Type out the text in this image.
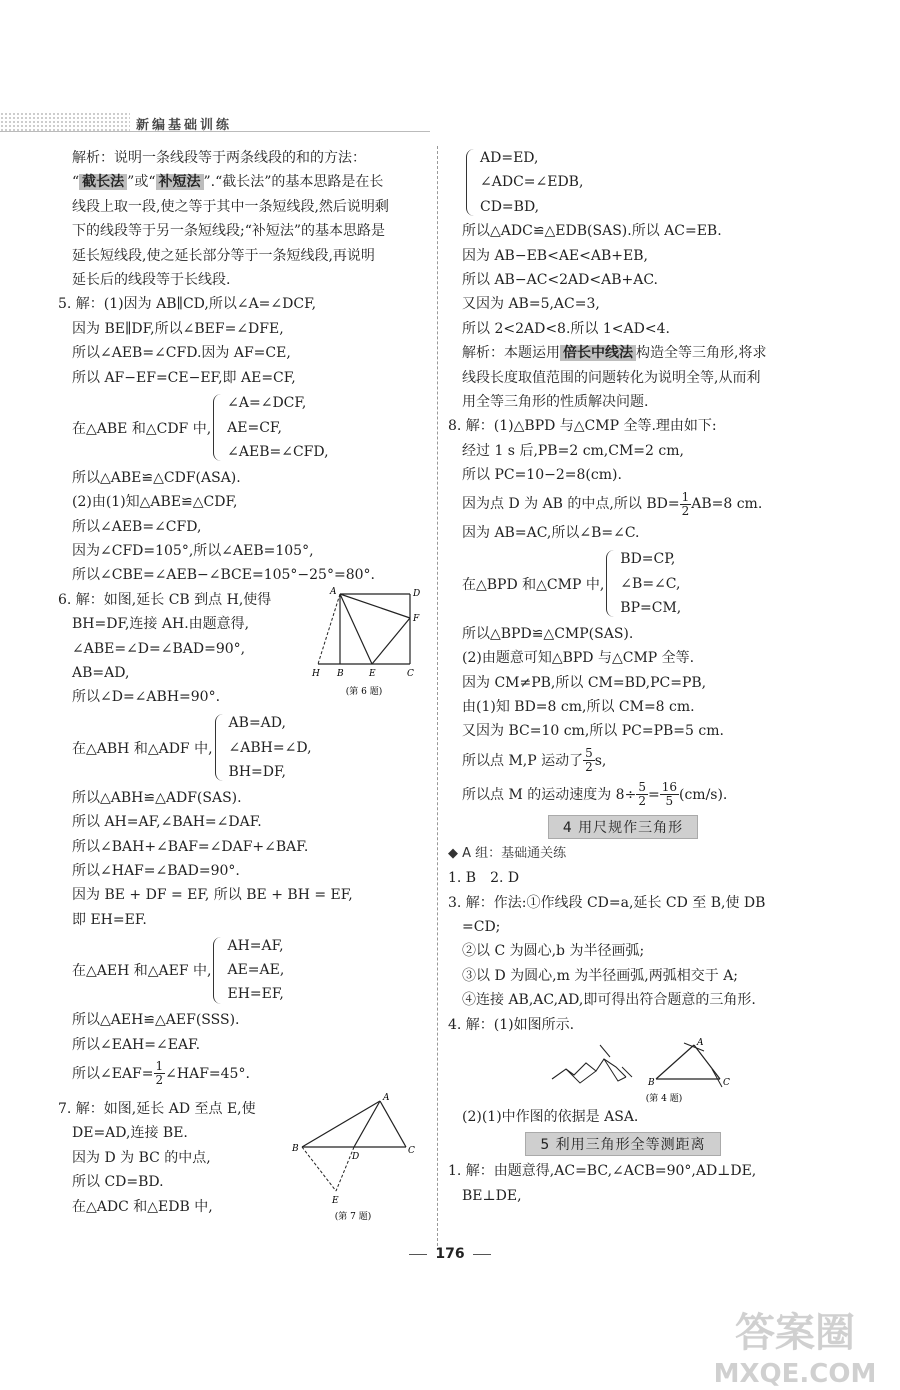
新编基础训练
解析：说明一条线段等于两条线段的和的方法：
“ 截长法 ”或“ 补短法 ”.“截长法”的基本思路是在长
线段上取一段,使之等于其中一条短线段,然后说明剩
下的线段等于另一条短线段;“补短法”的基本思路是
延长短线段,使之延长部分等于一条短线段,再说明
延长后的线段等于长线段.
5. 解：(1)因为 AB∥CD,所以∠A=∠DCF,
因为 BE∥DF,所以∠BEF=∠DFE,
所以∠AEB=∠CFD.因为 AF=CE,
所以 AF−EF=CE−EF,即 AE=CF,
在△ABE 和△CDF 中,
∠A=∠DCF,
AE=CF,
∠AEB=∠CFD,
所以△ABE≌△CDF(ASA).
(2)由(1)知△ABE≌△CDF,
所以∠AEB=∠CFD,
因为∠CFD=105°,所以∠AEB=105°,
所以∠CBE=∠AEB−∠BCE=105°−25°=80°.
6. 解：如图,延长 CB 到点 H,使得
BH=DF,连接 AH.由题意得,
∠ABE=∠D=∠BAD=90°,
AB=AD,
所以∠D=∠ABH=90°.
A	D
F
H B	E	C
(第 6 题)
在△ABH 和△ADF 中,
AB=AD,
∠ABH=∠D,
BH=DF,
所以△ABH≌△ADF(SAS).
所以 AH=AF,∠BAH=∠DAF.
所以∠BAH+∠BAF=∠DAF+∠BAF.
所以∠HAF=∠BAD=90°.
因为 BE + DF = EF, 所以 BE + BH = EF,
即 EH=EF.
在△AEH 和△AEF 中,
AH=AF,
AE=AE,
EH=EF,
所以△AEH≌△AEF(SSS).
所以∠EAH=∠EAF.
所以∠EAF= $\frac{1}{2}$ ∠HAF=45°.
7. 解：如图,延长 AD 至点 E,使
DE=AD,连接 BE.
因为 D 为 BC 的中点,
所以 CD=BD.
在△ADC 和△EDB 中,
A
B
D
C
E
(第 7 题)
AD=ED,
∠ADC=∠EDB,
CD=BD,
所以△ADC≌△EDB(SAS).所以 AC=EB.
因为 AB−EB<AE<AB+EB,
所以 AB−AC<2AD<AB+AC.
又因为 AB=5,AC=3,
所以 2<2AD<8.所以 1<AD<4.
解析：本题运用 倍长中线法 构造全等三角形,将求
线段长度取值范围的问题转化为说明全等,从而利
用全等三角形的性质解决问题.
8. 解：(1)△BPD 与△CMP 全等.理由如下:
经过 1 s 后,PB=2 cm,CM=2 cm,
所以 PC=10−2=8(cm).
因为点 D 为 AB 的中点,所以 $BD= \frac{1}{2} AB=8$ cm.
因为 AB=AC,所以∠B=∠C.
在△BPD 和△CMP 中,
BD=CP,
∠B=∠C,
BP=CM,
所以△BPD≌△CMP(SAS).
(2)由题意可知△BPD 与△CMP 全等.
因为 CM≠PB,所以 CM=BD,PC=PB,
由(1)知 BD=8 cm,所以 CM=8 cm.
又因为 BC=10 cm,所以 PC=PB=5 cm.
所以点 M,P 运动了 $\frac{5}{2} s$,
所以点 M 的运动速度为 $8\div \frac{5}{2} = \frac{16}{5} (cm/s)$.
4 用尺规作三角形
◆ A 组：基础通关练
1. B　2. D
3. 解：作法:①作线段 CD=a,延长 CD 至 B,使 DB
=CD;
②以 C 为圆心,b 为半径画弧;
③以 D 为圆心,m 为半径画弧,两弧相交于 A;
④连接 AB,AC,AD,即可得出符合题意的三角形.
4. 解：(1)如图所示.
A
B	C
(第 4 题)
(2)(1)中作图的依据是 ASA.
5 利用三角形全等测距离
1. 解：由题意得,AC=BC,∠ACB=90°,AD⊥DE,
BE⊥DE,
176
答案圈
MXQE.COM
